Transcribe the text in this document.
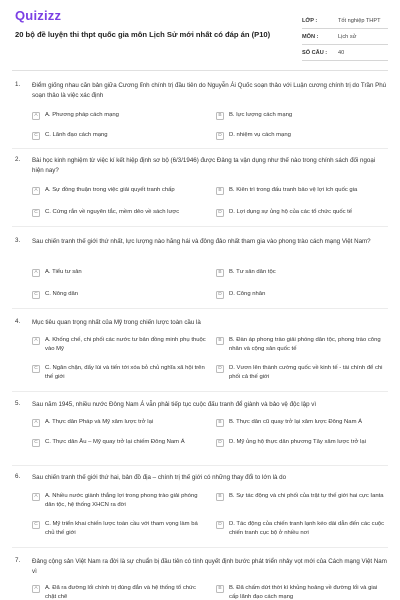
Quizizz
20 bộ đề luyện thi thpt quốc gia môn Lịch Sử mới nhất có đáp án (P10)
LỚP :	Tốt nghiệp THPT
MÔN :	Lịch sử
SỐ CÂU :	40
1. Điểm giống nhau căn bản giữa Cương lĩnh chính trị đầu tiên do Nguyễn Ái Quốc soạn thảo với Luận cương chính trị do Trần Phú soạn thảo là việc xác định
A	A. Phương pháp cách mạng	B	B. lực lượng cách mạng
C	C. Lãnh đạo cách mạng	D	D. nhiệm vụ cách mạng
2. Bài học kinh nghiệm từ việc kí kết hiệp định sơ bộ (6/3/1946) được Đảng ta vận dụng như thế nào trong chính sách đối ngoại hiện nay?
A	A. Sự đồng thuận trong việc giải quyết tranh chấp	B	B. Kiên trì trong đấu tranh bảo vệ lợi ích quốc gia
C	C. Cứng rắn về nguyên tắc, mềm dẻo về sách lược	D	D. Lợi dụng sự ủng hộ của các tổ chức quốc tế
3. Sau chiến tranh thế giới thứ nhất, lực lượng nào hăng hái và đông đảo nhất tham gia vào phong trào cách mạng Việt Nam?
A	A. Tiểu tư sản	B	B. Tư sản dân tộc
C	C. Nông dân	D	D. Công nhân
4. Mục tiêu quan trọng nhất của Mỹ trong chiến lược toàn cầu là
A	A. Khống chế, chi phối các nước tư bản đồng minh phụ thuộc vào Mỹ
B	B. Đàn áp phong trào giải phóng dân tộc, phong trào công nhân và cộng sản quốc tế
C	C. Ngăn chặn, đẩy lùi và tiến tới xóa bỏ chủ nghĩa xã hội trên thế giới
D	D. Vươn lên thành cường quốc về kinh tế - tài chính để chi phối cả thế giới
5. Sau năm 1945, nhiều nước Đông Nam Á vẫn phải tiếp tục cuộc đấu tranh để giành và bảo vệ độc lập vì
A	A. Thực dân Pháp và Mỹ xâm lược trở lại	B	B. Thực dân cũ quay trở lại xâm lược Đông Nam Á
C	C. Thực dân Âu – Mỹ quay trở lại chiếm Đông Nam Á	D	D. Mỹ ủng hộ thực dân phương Tây xâm lược trở lại
6. Sau chiến tranh thế giới thứ hai, bản đồ địa – chính trị thế giới có những thay đổi to lớn là do
A	A. Nhiều nước giành thắng lợi trong phong trào giải phóng dân tộc, hệ thống XHCN ra đời
B	B. Sự tác động và chi phối của trật tự thế giới hai cực Ianta
C	C. Mỹ triển khai chiến lược toàn cầu với tham vọng làm bá chủ thế giới
D	D. Tác động của chiến tranh lạnh kéo dài dẫn đến các cuộc chiến tranh cục bộ ở nhiều nơi
7. Đảng cộng sản Việt Nam ra đời là sự chuẩn bị đầu tiên có tính quyết định bước phát triển nhảy vọt mới của Cách mạng Việt Nam vì
A	A. Đã ra đường lối chính trị đúng đắn và hệ thống tổ chức chặt chẽ
B	B. Đã chấm dứt thời kì khủng hoảng về đường lối và giai cấp lãnh đạo cách mạng
